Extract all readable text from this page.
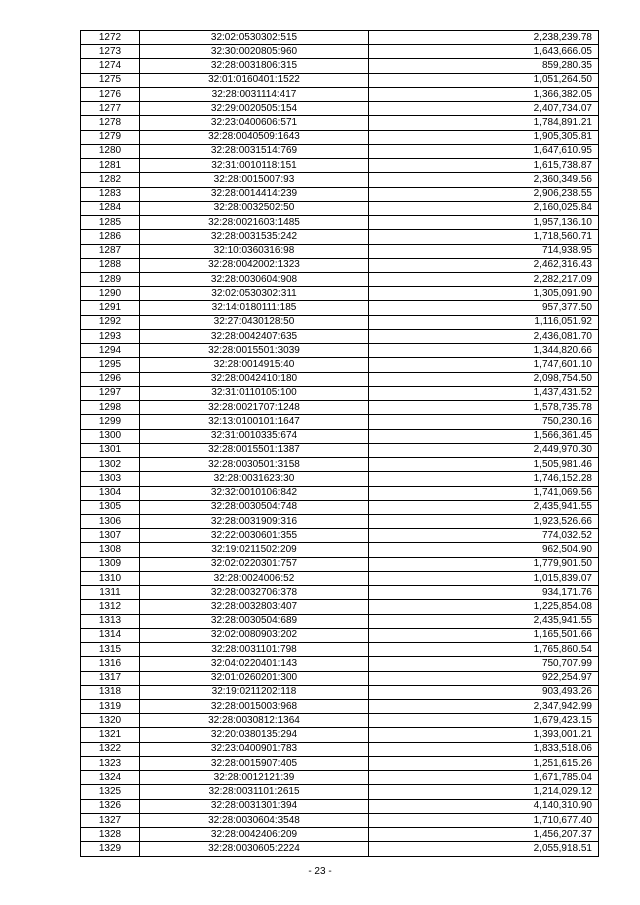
1272	32:02:0530302:515	2,238,239.78
1273	32:30:0020805:960	1,643,666.05
1274	32:28:0031806:315	859,280.35
1275	32:01:0160401:1522	1,051,264.50
1276	32:28:0031114:417	1,366,382.05
1277	32:29:0020505:154	2,407,734.07
1278	32:23:0400606:571	1,784,891.21
1279	32:28:0040509:1643	1,905,305.81
1280	32:28:0031514:769	1,647,610.95
1281	32:31:0010118:151	1,615,738.87
1282	32:28:0015007:93	2,360,349.56
1283	32:28:0014414:239	2,906,238.55
1284	32:28:0032502:50	2,160,025.84
1285	32:28:0021603:1485	1,957,136.10
1286	32:28:0031535:242	1,718,560.71
1287	32:10:0360316:98	714,938.95
1288	32:28:0042002:1323	2,462,316.43
1289	32:28:0030604:908	2,282,217.09
1290	32:02:0530302:311	1,305,091.90
1291	32:14:0180111:185	957,377.50
1292	32:27:0430128:50	1,116,051.92
1293	32:28:0042407:635	2,436,081.70
1294	32:28:0015501:3039	1,344,820.66
1295	32:28:0014915:40	1,747,601.10
1296	32:28:0042410:180	2,098,754.50
1297	32:31:0110105:100	1,437,431.52
1298	32:28:0021707:1248	1,578,735.78
1299	32:13:0100101:1647	750,230.16
1300	32:31:0010335:674	1,566,361.45
1301	32:28:0015501:1387	2,449,970.30
1302	32:28:0030501:3158	1,505,981.46
1303	32:28:0031623:30	1,746,152.28
1304	32:32:0010106:842	1,741,069.56
1305	32:28:0030504:748	2,435,941.55
1306	32:28:0031909:316	1,923,526.66
1307	32:22:0030601:355	774,032.52
1308	32:19:0211502:209	962,504.90
1309	32:02:0220301:757	1,779,901.50
1310	32:28:0024006:52	1,015,839.07
1311	32:28:0032706:378	934,171.76
1312	32:28:0032803:407	1,225,854.08
1313	32:28:0030504:689	2,435,941.55
1314	32:02:0080903:202	1,165,501.66
1315	32:28:0031101:798	1,765,860.54
1316	32:04:0220401:143	750,707.99
1317	32:01:0260201:300	922,254.97
1318	32:19:0211202:118	903,493.26
1319	32:28:0015003:968	2,347,942.99
1320	32:28:0030812:1364	1,679,423.15
1321	32:20:0380135:294	1,393,001.21
1322	32:23:0400901:783	1,833,518.06
1323	32:28:0015907:405	1,251,615.26
1324	32:28:0012121:39	1,671,785.04
1325	32:28:0031101:2615	1,214,029.12
1326	32:28:0031301:394	4,140,310.90
1327	32:28:0030604:3548	1,710,677.40
1328	32:28:0042406:209	1,456,207.37
1329	32:28:0030605:2224	2,055,918.51
- 23 -
